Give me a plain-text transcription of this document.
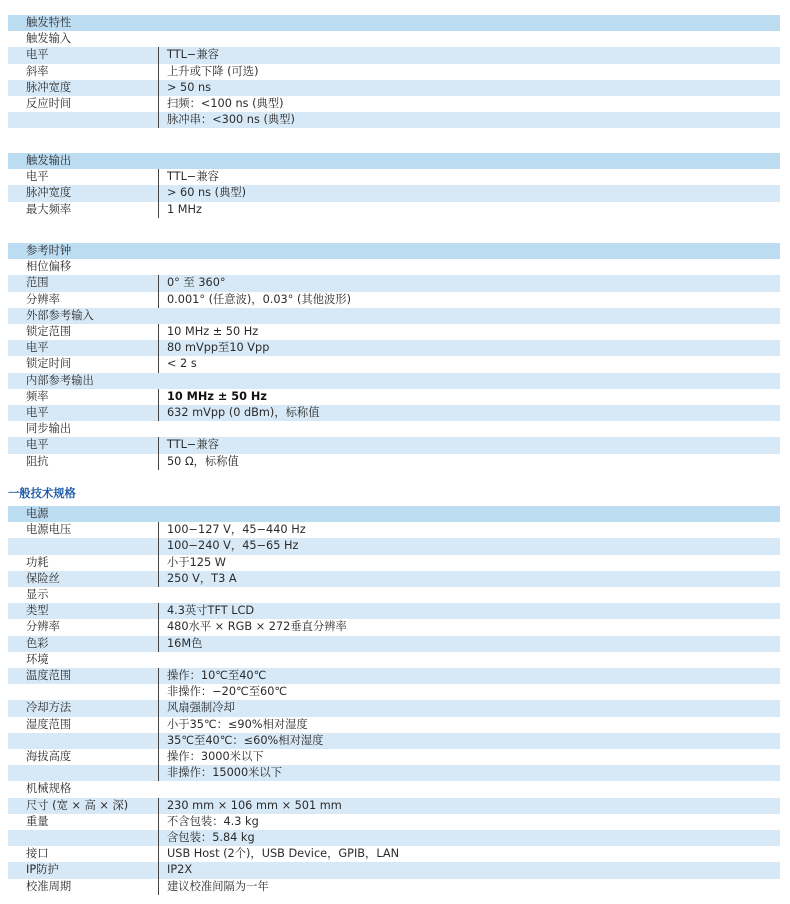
触发特性
触发输入
电平	TTL−兼容
斜率	上升或下降 (可选)
脉冲宽度	> 50 ns
反应时间	扫频：<100 ns (典型)
脉冲串：<300 ns (典型)
触发输出
电平	TTL−兼容
脉冲宽度	> 60 ns (典型)
最大频率	1 MHz
参考时钟
相位偏移
范围	0° 至 360°
分辨率	0.001° (任意波)，0.03° (其他波形)
外部参考输入
锁定范围	10 MHz ± 50 Hz
电平	80 mVpp至10 Vpp
锁定时间	< 2 s
内部参考输出
频率	10 MHz ± 50 Hz
电平	632 mVpp (0 dBm)，标称值
同步输出
电平	TTL−兼容
阻抗	50 Ω，标称值
一般技术规格
电源
电源电压	100−127 V，45−440 Hz
100−240 V，45−65 Hz
功耗	小于125 W
保险丝	250 V，T3 A
显示
类型	4.3英寸TFT LCD
分辨率	480水平 × RGB × 272垂直分辨率
色彩	16M色
环境
温度范围	操作：10℃至40℃
非操作：−20℃至60℃
冷却方法	风扇强制冷却
湿度范围	小于35℃：≤90%相对湿度
35℃至40℃：≤60%相对湿度
海拔高度	操作：3000米以下
非操作：15000米以下
机械规格
尺寸 (宽 × 高 × 深)	230 mm × 106 mm × 501 mm
重量	不含包装：4.3 kg
含包装：5.84 kg
接口	USB Host (2个)，USB Device，GPIB，LAN
IP防护	IP2X
校准周期	建议校准间隔为一年
